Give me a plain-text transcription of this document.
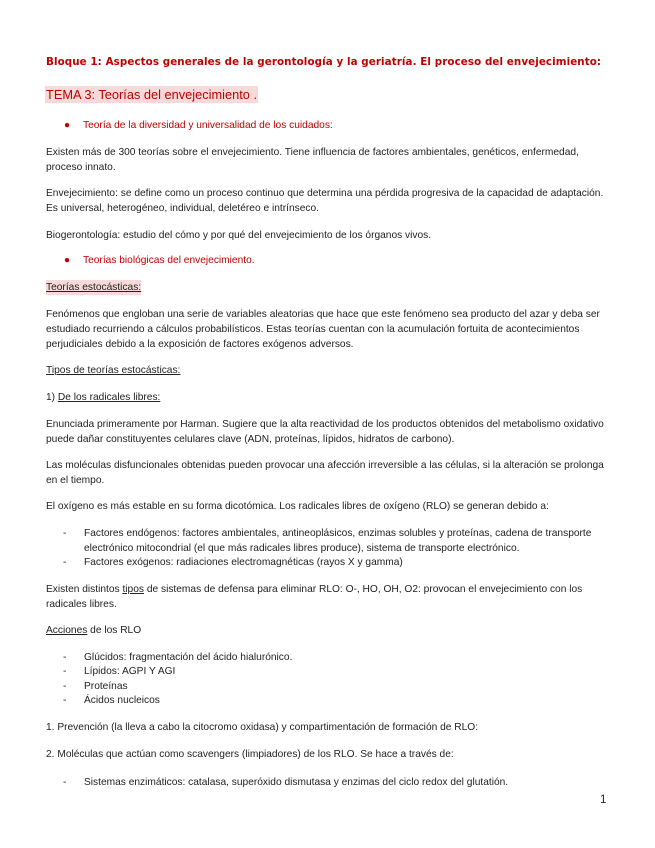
Bloque 1: Aspectos generales de la gerontología y la geriatría. El proceso del envejecimiento:
TEMA 3: Teorías del envejecimiento .
● Teoría de la diversidad y universalidad de los cuidados:
Existen más de 300 teorías sobre el envejecimiento. Tiene influencia de factores ambientales, genéticos, enfermedad, proceso innato.
Envejecimiento: se define como un proceso continuo que determina una pérdida progresiva de la capacidad de adaptación. Es universal, heterogéneo, individual, deletéreo e intrínseco.
Biogerontología: estudio del cómo y por qué del envejecimiento de los órganos vivos.
● Teorías biológicas del envejecimiento.
Teorías estocásticas:
Fenómenos que engloban una serie de variables aleatorias que hace que este fenómeno sea producto del azar y deba ser estudiado recurriendo a cálculos probabilísticos. Estas teorías cuentan con la acumulación fortuita de acontecimientos perjudiciales debido a la exposición de factores exógenos adversos.
Tipos de teorías estocásticas:
1) De los radicales libres:
Enunciada primeramente por Harman. Sugiere que la alta reactividad de los productos obtenidos del metabolismo oxidativo puede dañar constituyentes celulares clave (ADN, proteínas, lípidos, hidratos de carbono).
Las moléculas disfuncionales obtenidas pueden provocar una afección irreversible a las células, si la alteración se prolonga en el tiempo.
El oxígeno es más estable en su forma dicotómica. Los radicales libres de oxígeno (RLO) se generan debido a:
-	Factores endógenos: factores ambientales, antineoplásicos, enzimas solubles y proteínas, cadena de transporte electrónico mitocondrial (el que más radicales libres produce), sistema de transporte electrónico.
-	Factores exógenos: radiaciones electromagnéticas (rayos X y gamma)
Existen distintos tipos de sistemas de defensa para eliminar RLO: O-, HO, OH, O2: provocan el envejecimiento con los radicales libres.
Acciones de los RLO
-	Glúcidos: fragmentación del ácido hialurónico.
-	Lípidos: AGPI Y AGI
-	Proteínas
-	Ácidos nucleicos
1. Prevención (la lleva a cabo la citocromo oxidasa) y compartimentación de formación de RLO:
2. Moléculas que actúan como scavengers (limpiadores) de los RLO. Se hace a través de:
-	Sistemas enzimáticos: catalasa, superóxido dismutasa y enzimas del ciclo redox del glutatión.
1
